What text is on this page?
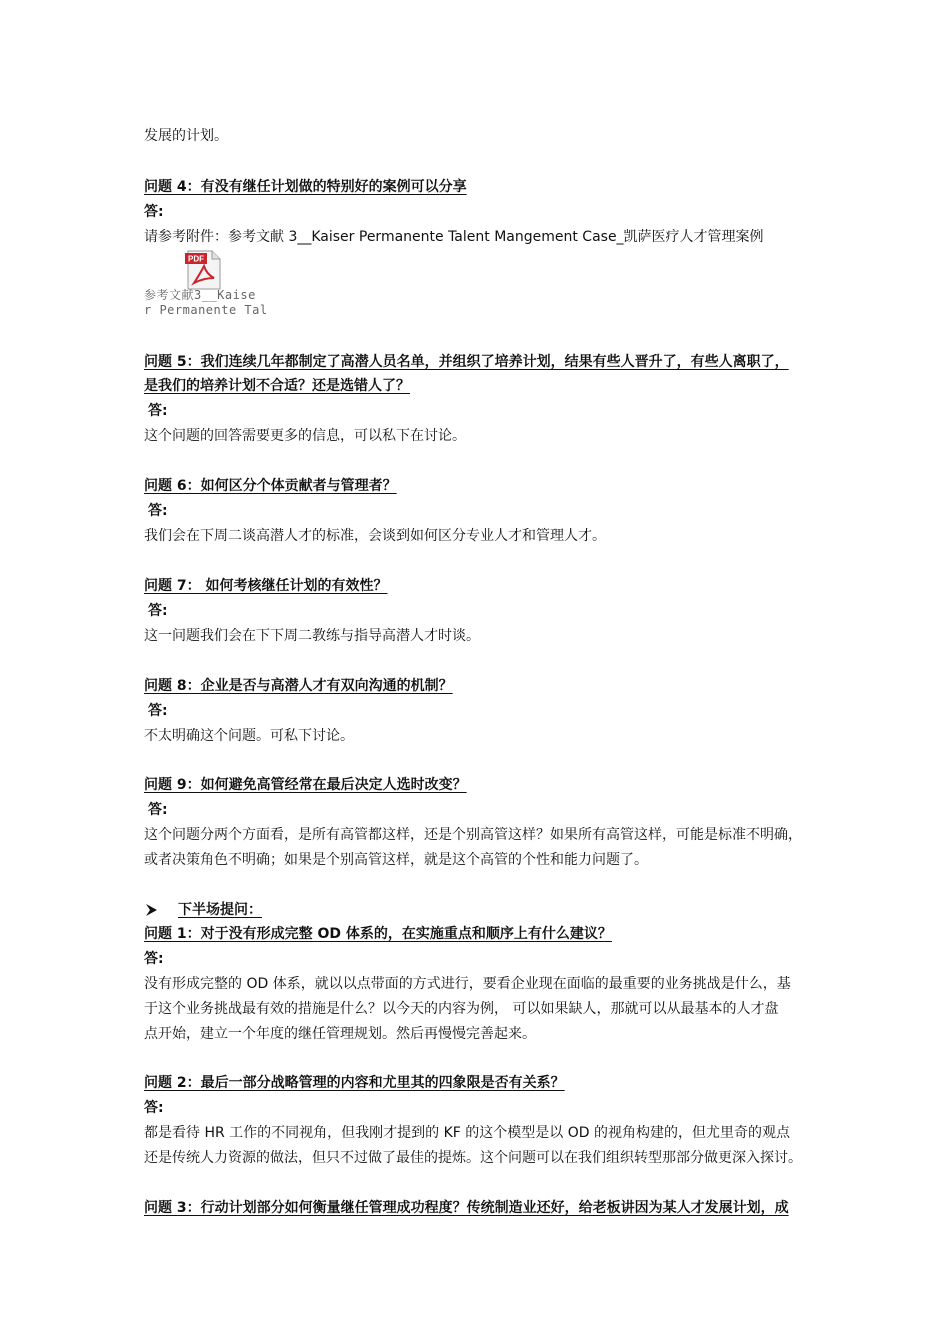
发展的计划。
问题 4：有没有继任计划做的特别好的案例可以分享
答:
请参考附件：参考文献 3__Kaiser Permanente Talent Mangement Case_凯萨医疗人才管理案例
PDF
参考文献3__Kaise
r Permanente Tal
问题 5：我们连续几年都制定了高潜人员名单，并组织了培养计划，结果有些人晋升了，有些人离职了，
是我们的培养计划不合适？还是选错人了？
答:
这个问题的回答需要更多的信息，可以私下在讨论。
问题 6：如何区分个体贡献者与管理者？
答:
我们会在下周二谈高潜人才的标准，会谈到如何区分专业人才和管理人才。
问题 7： 如何考核继任计划的有效性？
答:
这一问题我们会在下下周二教练与指导高潜人才时谈。
问题 8：企业是否与高潜人才有双向沟通的机制？
答:
不太明确这个问题。可私下讨论。
问题 9：如何避免高管经常在最后决定人选时改变？
答:
这个问题分两个方面看，是所有高管都这样，还是个别高管这样？如果所有高管这样，可能是标准不明确，
或者决策角色不明确；如果是个别高管这样，就是这个高管的个性和能力问题了。
下半场提问：
问题 1：对于没有形成完整 OD 体系的，在实施重点和顺序上有什么建议？
答:
没有形成完整的 OD 体系，就以以点带面的方式进行，要看企业现在面临的最重要的业务挑战是什么，基
于这个业务挑战最有效的措施是什么？以今天的内容为例， 可以如果缺人，那就可以从最基本的人才盘
点开始，建立一个年度的继任管理规划。然后再慢慢完善起来。
问题 2：最后一部分战略管理的内容和尤里其的四象限是否有关系？
答:
都是看待 HR 工作的不同视角，但我刚才提到的 KF 的这个模型是以 OD 的视角构建的，但尤里奇的观点
还是传统人力资源的做法，但只不过做了最佳的提炼。这个问题可以在我们组织转型那部分做更深入探讨。
问题 3：行动计划部分如何衡量继任管理成功程度？传统制造业还好，给老板讲因为某人才发展计划，成
